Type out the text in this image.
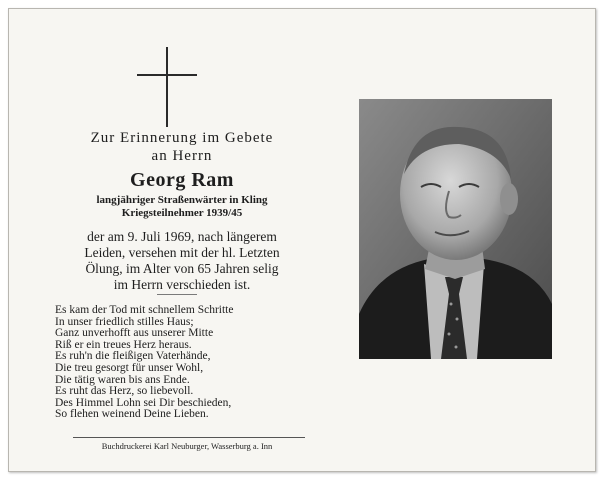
Zur Erinnerung im Gebete
an Herrn
Georg Ram
langjähriger Straßenwärter in Kling
Kriegsteilnehmer 1939/45
der am 9. Juli 1969, nach längerem
Leiden, versehen mit der hl. Letzten
Ölung, im Alter von 65 Jahren selig
im Herrn verschieden ist.
Es kam der Tod mit schnellem Schritte
In unser friedlich stilles Haus;
Ganz unverhofft aus unserer Mitte
Riß er ein treues Herz heraus.
Es ruh'n die fleißigen Vaterhände,
Die treu gesorgt für unser Wohl,
Die tätig waren bis ans Ende.
Es ruht das Herz, so liebevoll.
Des Himmel Lohn sei Dir beschieden,
So flehen weinend Deine Lieben.
Buchdruckerei Karl Neuburger, Wasserburg a. Inn
